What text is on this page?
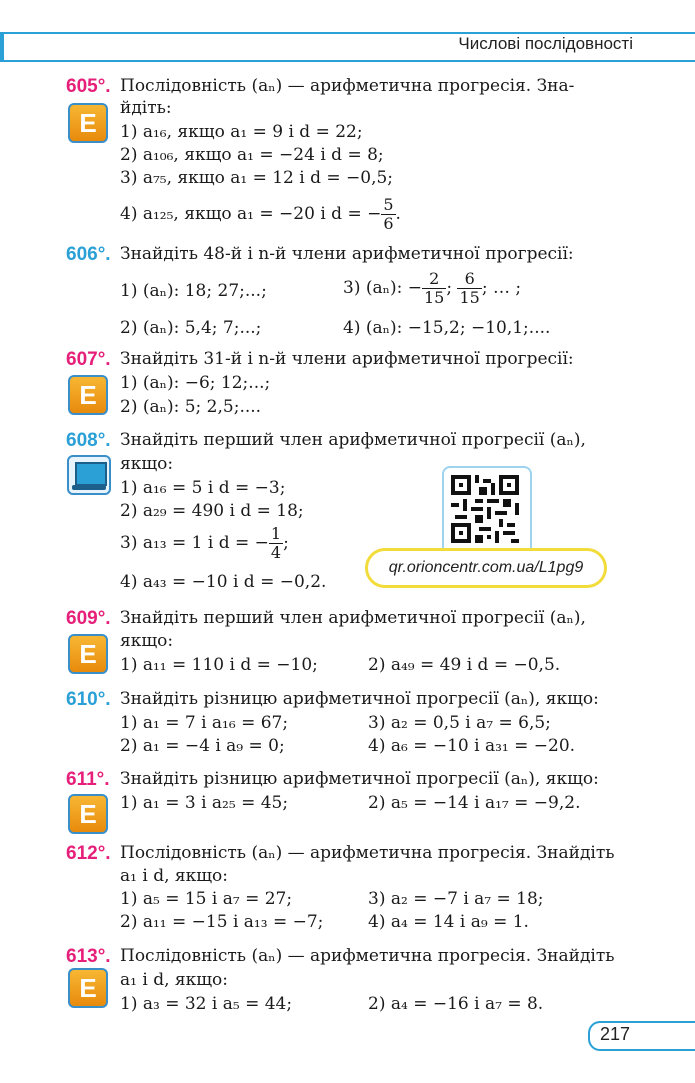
Числові послідовності
605°.
E
Послідовність (aₙ) — арифметична прогресія. Зна-
йдіть:
1) a₁₆, якщо a₁ = 9 і d = 22;
2) a₁₀₆, якщо a₁ = −24 і d = 8;
3) a₇₅, якщо a₁ = 12 і d = −0,5;
4) a₁₂₅, якщо a₁ = −20 і d = − $\frac{5}{6}$ .
606°. Знайдіть 48-й і n-й члени арифметичної прогресії:
1) (aₙ): 18; 27;...;	3) (aₙ): − $\frac{2}{15}$ ; $\frac{6}{15}$ ; … ;
2) (aₙ): 5,4; 7;...;	4) (aₙ): −15,2; −10,1;....
607°.
E
Знайдіть 31-й і n-й члени арифметичної прогресії:
1) (aₙ): −6; 12;...;
2) (aₙ): 5; 2,5;....
608°. Знайдіть перший член арифметичної прогресії (aₙ),
якщо:
1) a₁₆ = 5 і d = −3;
2) a₂₉ = 490 і d = 18;
3) a₁₃ = 1 і d = − $\frac{1}{4}$ ;
4) a₄₃ = −10 і d = −0,2.
qr.orioncentr.com.ua/L1pg9
609°.
E
Знайдіть перший член арифметичної прогресії (aₙ),
якщо:
1) a₁₁ = 110 і d = −10;	2) a₄₉ = 49 і d = −0,5.
610°. Знайдіть різницю арифметичної прогресії (aₙ), якщо:
1) a₁ = 7 і a₁₆ = 67;	3) a₂ = 0,5 і a₇ = 6,5;
2) a₁ = −4 і a₉ = 0;	4) a₆ = −10 і a₃₁ = −20.
611°.
E
Знайдіть різницю арифметичної прогресії (aₙ), якщо:
1) a₁ = 3 і a₂₅ = 45;	2) a₅ = −14 і a₁₇ = −9,2.
612°. Послідовність (aₙ) — арифметична прогресія. Знайдіть
a₁ і d, якщо:
1) a₅ = 15 і a₇ = 27;	3) a₂ = −7 і a₇ = 18;
2) a₁₁ = −15 і a₁₃ = −7;	4) a₄ = 14 і a₉ = 1.
613°.
E
Послідовність (aₙ) — арифметична прогресія. Знайдіть
a₁ і d, якщо:
1) a₃ = 32 і a₅ = 44;	2) a₄ = −16 і a₇ = 8.
217
